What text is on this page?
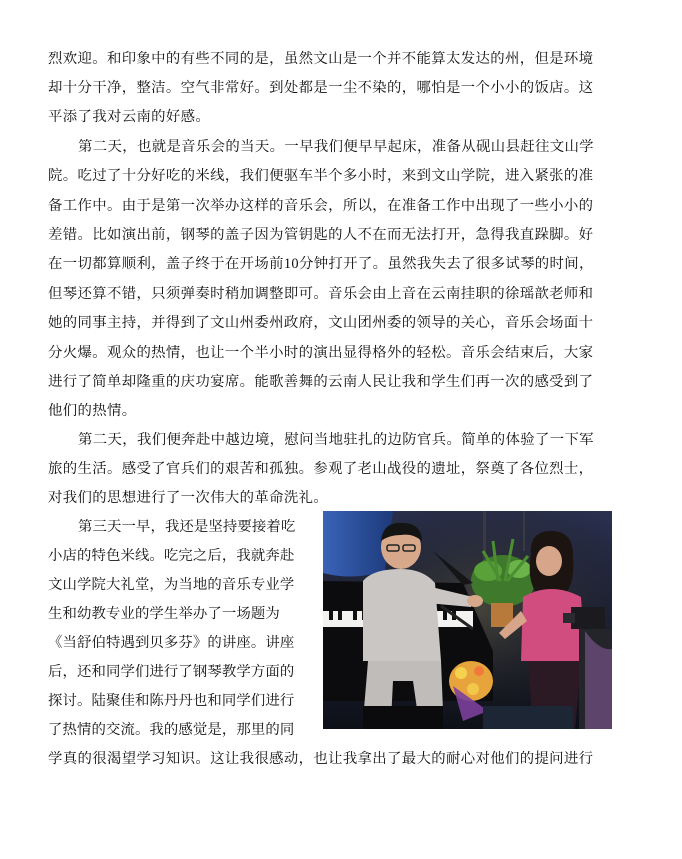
烈欢迎。和印象中的有些不同的是，虽然文山是一个并不能算太发达的州，但是环境
却十分干净，整洁。空气非常好。到处都是一尘不染的，哪怕是一个小小的饭店。这
平添了我对云南的好感。
第二天，也就是音乐会的当天。一早我们便早早起床，准备从砚山县赶往文山学
院。吃过了十分好吃的米线，我们便驱车半个多小时，来到文山学院，进入紧张的准
备工作中。由于是第一次举办这样的音乐会，所以，在准备工作中出现了一些小小的
差错。比如演出前，钢琴的盖子因为管钥匙的人不在而无法打开，急得我直跺脚。好
在一切都算顺利，盖子终于在开场前10分钟打开了。虽然我失去了很多试琴的时间，
但琴还算不错，只须弹奏时稍加调整即可。音乐会由上音在云南挂职的徐瑶歆老师和
她的同事主持，并得到了文山州委州政府，文山团州委的领导的关心，音乐会场面十
分火爆。观众的热情，也让一个半小时的演出显得格外的轻松。音乐会结束后，大家
进行了简单却隆重的庆功宴席。能歌善舞的云南人民让我和学生们再一次的感受到了
他们的热情。
第二天，我们便奔赴中越边境，慰问当地驻扎的边防官兵。简单的体验了一下军
旅的生活。感受了官兵们的艰苦和孤独。参观了老山战役的遗址，祭奠了各位烈士，
对我们的思想进行了一次伟大的革命洗礼。
第三天一早，我还是坚持要接着吃
小店的特色米线。吃完之后，我就奔赴
文山学院大礼堂，为当地的音乐专业学
生和幼教专业的学生举办了一场题为
《当舒伯特遇到贝多芬》的讲座。讲座
后，还和同学们进行了钢琴教学方面的
探讨。陆聚佳和陈丹丹也和同学们进行
了热情的交流。我的感觉是，那里的同
学真的很渴望学习知识。这让我很感动，也让我拿出了最大的耐心对他们的提问进行
